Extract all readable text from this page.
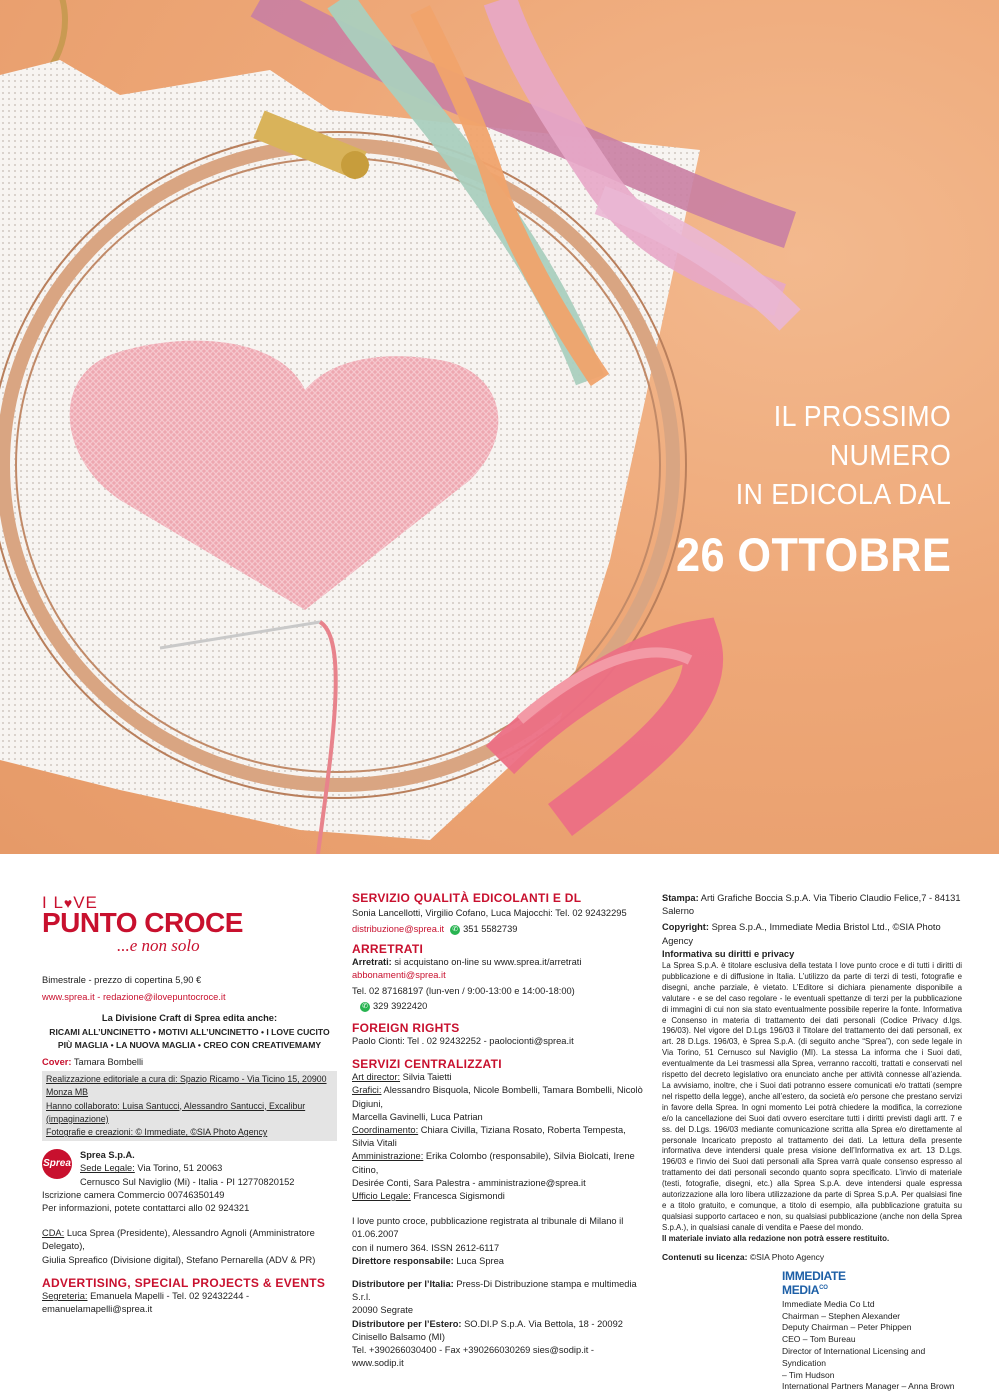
IL PROSSIMO
NUMERO
IN EDICOLA DAL
26 OTTOBRE
I L♥VE
PUNTO CROCE
...e non solo
Bimestrale - prezzo di copertina 5,90 €
www.sprea.it - redazione@ilovepuntocroce.it
La Divisione Craft di Sprea edita anche:
RICAMI ALL’UNCINETTO • MOTIVI ALL’UNCINETTO • I LOVE CUCITO
PIÙ MAGLIA • LA NUOVA MAGLIA • CREO CON CREATIVEMAMY
Cover: Tamara Bombelli
Realizzazione editoriale a cura di: Spazio Ricamo - Via Ticino 15, 20900 Monza MB
Hanno collaborato: Luisa Santucci, Alessandro Santucci, Excalibur (impaginazione)
Fotografie e creazioni: © Immediate, ©SIA Photo Agency
Sprea
Sprea S.p.A.
Sede Legale: Via Torino, 51 20063
Cernusco Sul Naviglio (Mi) - Italia - PI 12770820152
Iscrizione camera Commercio 00746350149
Per informazioni, potete contattarci allo 02 924321
CDA: Luca Sprea (Presidente), Alessandro Agnoli (Amministratore Delegato),
Giulia Spreafico (Divisione digital), Stefano Pernarella (ADV & PR)
ADVERTISING, SPECIAL PROJECTS & EVENTS
Segreteria: Emanuela Mapelli - Tel. 02 92432244 - emanuelamapelli@sprea.it
SERVIZIO QUALITÀ EDICOLANTI E DL
Sonia Lancellotti, Virgilio Cofano, Luca Majocchi: Tel. 02 92432295
distribuzione@sprea.it ✆ 351 5582739
ARRETRATI
Arretrati: si acquistano on-line su www.sprea.it/arretrati
abbonamenti@sprea.it
Tel. 02 87168197 (lun-ven / 9:00-13:00 e 14:00-18:00)
✆ 329 3922420
FOREIGN RIGHTS
Paolo Cionti: Tel . 02 92432252 - paolocionti@sprea.it
SERVIZI CENTRALIZZATI
Art director: Silvia Taietti
Grafici: Alessandro Bisquola, Nicole Bombelli, Tamara Bombelli, Nicolò Digiuni,
Marcella Gavinelli, Luca Patrian
Coordinamento: Chiara Civilla, Tiziana Rosato, Roberta Tempesta, Silvia Vitali
Amministrazione: Erika Colombo (responsabile), Silvia Biolcati, Irene Citino,
Desirée Conti, Sara Palestra - amministrazione@sprea.it
Ufficio Legale: Francesca Sigismondi
I love punto croce, pubblicazione registrata al tribunale di Milano il 01.06.2007
con il numero 364. ISSN 2612-6117
Direttore responsabile: Luca Sprea
Distributore per l’Italia: Press-Di Distribuzione stampa e multimedia S.r.l.
20090 Segrate
Distributore per l’Estero: SO.DI.P S.p.A. Via Bettola, 18 - 20092 Cinisello Balsamo (MI)
Tel. +390266030400 - Fax +390266030269 sies@sodip.it - www.sodip.it
Stampa: Arti Grafiche Boccia S.p.A. Via Tiberio Claudio Felice,7 - 84131 Salerno
Copyright: Sprea S.p.A., Immediate Media Bristol Ltd., ©SIA Photo Agency
Informativa su diritti e privacy
La Sprea S.p.A. è titolare esclusiva della testata I love punto croce e di tutti i diritti di pubblicazione e di diffusione in Italia. L’utilizzo da parte di terzi di testi, fotografie e disegni, anche parziale, è vietato. L’Editore si dichiara pienamente disponibile a valutare - e se del caso regolare - le eventuali spettanze di terzi per la pubblicazione di immagini di cui non sia stato eventualmente possibile reperire la fonte. Informativa e Consenso in materia di trattamento dei dati personali (Codice Privacy d.lgs. 196/03). Nel vigore del D.Lgs 196/03 il Titolare del trattamento dei dati personali, ex art. 28 D.Lgs. 196/03, è Sprea S.p.A. (di seguito anche “Sprea”), con sede legale in Via Torino, 51 Cernusco sul Naviglio (MI). La stessa La informa che i Suoi dati, eventualmente da Lei trasmessi alla Sprea, verranno raccolti, trattati e conservati nel rispetto del decreto legislativo ora enunciato anche per attività connesse all’azienda. La avvisiamo, inoltre, che i Suoi dati potranno essere comunicati e/o trattati (sempre nel rispetto della legge), anche all’estero, da società e/o persone che prestano servizi in favore della Sprea. In ogni momento Lei potrà chiedere la modifica, la correzione e/o la cancellazione dei Suoi dati ovvero esercitare tutti i diritti previsti dagli artt. 7 e ss. del D.Lgs. 196/03 mediante comunicazione scritta alla Sprea e/o direttamente al personale Incaricato preposto al trattamento dei dati. La lettura della presente informativa deve intendersi quale presa visione dell’Informativa ex art. 13 D.Lgs. 196/03 e l’invio dei Suoi dati personali alla Sprea varrà quale consenso espresso al trattamento dei dati personali secondo quanto sopra specificato. L’invio di materiale (testi, fotografie, disegni, etc.) alla Sprea S.p.A. deve intendersi quale espressa autorizzazione alla loro libera utilizzazione da parte di Sprea S.p.A. Per qualsiasi fine e a titolo gratuito, e comunque, a titolo di esempio, alla pubblicazione gratuita su qualsiasi supporto cartaceo e non, su qualsiasi pubblicazione (anche non della Sprea S.p.A.), in qualsiasi canale di vendita e Paese del mondo.
Il materiale inviato alla redazione non potrà essere restituito.
Contenuti su licenza: ©SIA Photo Agency
IMMEDIATE
$MEDIA^{CO}$
Immediate Media Co Ltd
Chairman – Stephen Alexander
Deputy Chairman – Peter Phippen
CEO – Tom Bureau
Director of International Licensing and Syndication
– Tim Hudson
International Partners Manager – Anna Brown
